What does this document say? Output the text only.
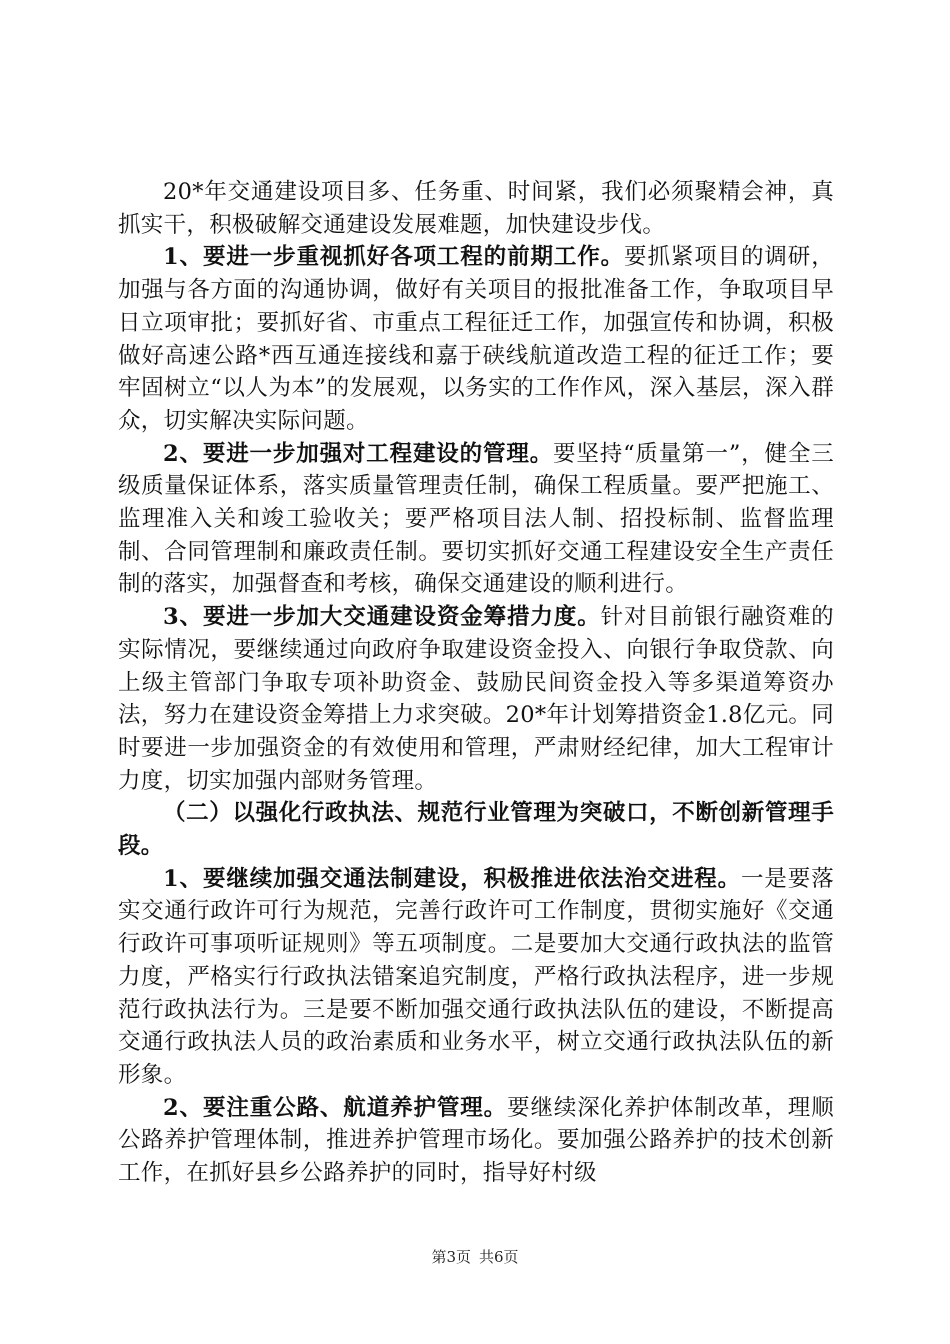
20*年交通建设项目多、任务重、时间紧，我们必须聚精会神，真抓实干，积极破解交通建设发展难题，加快建设步伐。

1、要进一步重视抓好各项工程的前期工作。要抓紧项目的调研，加强与各方面的沟通协调，做好有关项目的报批准备工作，争取项目早日立项审批；要抓好省、市重点工程征迁工作，加强宣传和协调，积极做好高速公路*西互通连接线和嘉于硖线航道改造工程的征迁工作；要牢固树立“以人为本”的发展观，以务实的工作作风，深入基层，深入群众，切实解决实际问题。

2、要进一步加强对工程建设的管理。要坚持“质量第一”，健全三级质量保证体系，落实质量管理责任制，确保工程质量。要严把施工、监理准入关和竣工验收关；要严格项目法人制、招投标制、监督监理制、合同管理制和廉政责任制。要切实抓好交通工程建设安全生产责任制的落实，加强督查和考核，确保交通建设的顺利进行。

3、要进一步加大交通建设资金筹措力度。针对目前银行融资难的实际情况，要继续通过向政府争取建设资金投入、向银行争取贷款、向上级主管部门争取专项补助资金、鼓励民间资金投入等多渠道筹资办法，努力在建设资金筹措上力求突破。20*年计划筹措资金1.8亿元。同时要进一步加强资金的有效使用和管理，严肃财经纪律，加大工程审计力度，切实加强内部财务管理。

（二）以强化行政执法、规范行业管理为突破口，不断创新管理手段。

1、要继续加强交通法制建设，积极推进依法治交进程。一是要落实交通行政许可行为规范，完善行政许可工作制度，贯彻实施好《交通行政许可事项听证规则》等五项制度。二是要加大交通行政执法的监管力度，严格实行行政执法错案追究制度，严格行政执法程序，进一步规范行政执法行为。三是要不断加强交通行政执法队伍的建设，不断提高交通行政执法人员的政治素质和业务水平，树立交通行政执法队伍的新形象。

2、要注重公路、航道养护管理。要继续深化养护体制改革，理顺公路养护管理体制，推进养护管理市场化。要加强公路养护的技术创新工作，在抓好县乡公路养护的同时，指导好村级

第3页 共6页
